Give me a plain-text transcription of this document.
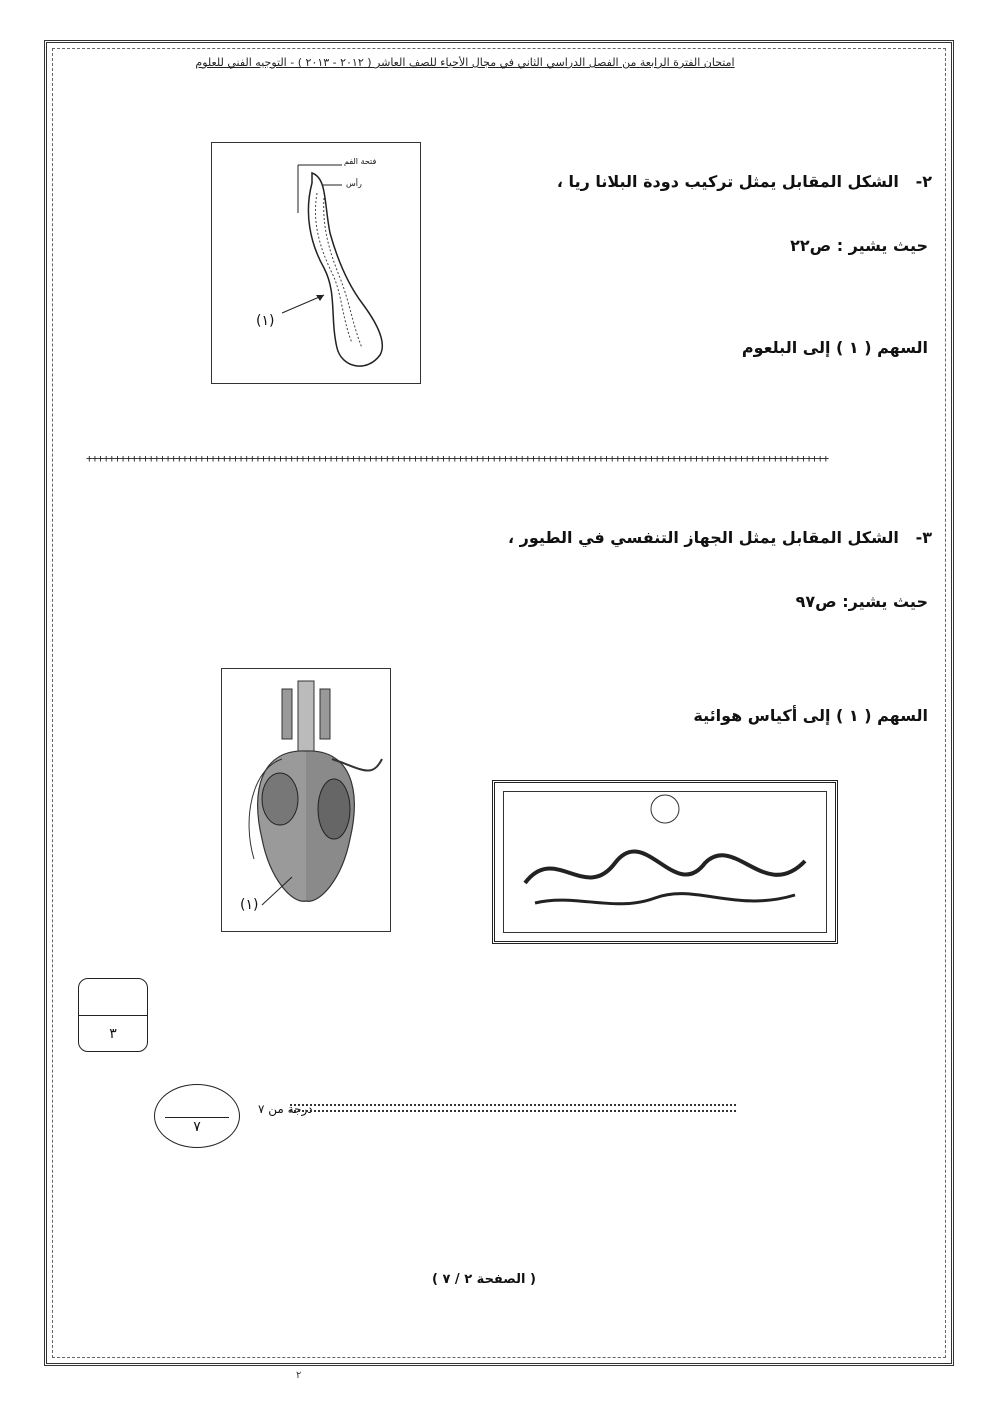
امتحان الفترة الرابعة من الفصل الدراسي الثاني في مجال الأحياء للصف العاشر ( ٢٠١٢ - ٢٠١٣ ) - التوجيه الفني للعلوم
٢-   الشكل المقابل يمثل تركيب دودة البلانا ريا ،
حيث يشير : ص٢٢
السهم ( ١ ) إلى البلعوم
فتحة الفم
رأس
(١)
++++++++++++++++++++++++++++++++++++++++++++++++++++++++++++++++++++++++++++++++++++++++++++++++++++++++++++++++++++++++++++++++++++
٣-   الشكل المقابل يمثل الجهاز التنفسي في الطيور ،
حيث يشير: ص٩٧
السهم ( ١ ) إلى أكياس هوائية
(١)
٣
٧
درجة من ٧
( الصفحة ٢ / ٧ )
٢
